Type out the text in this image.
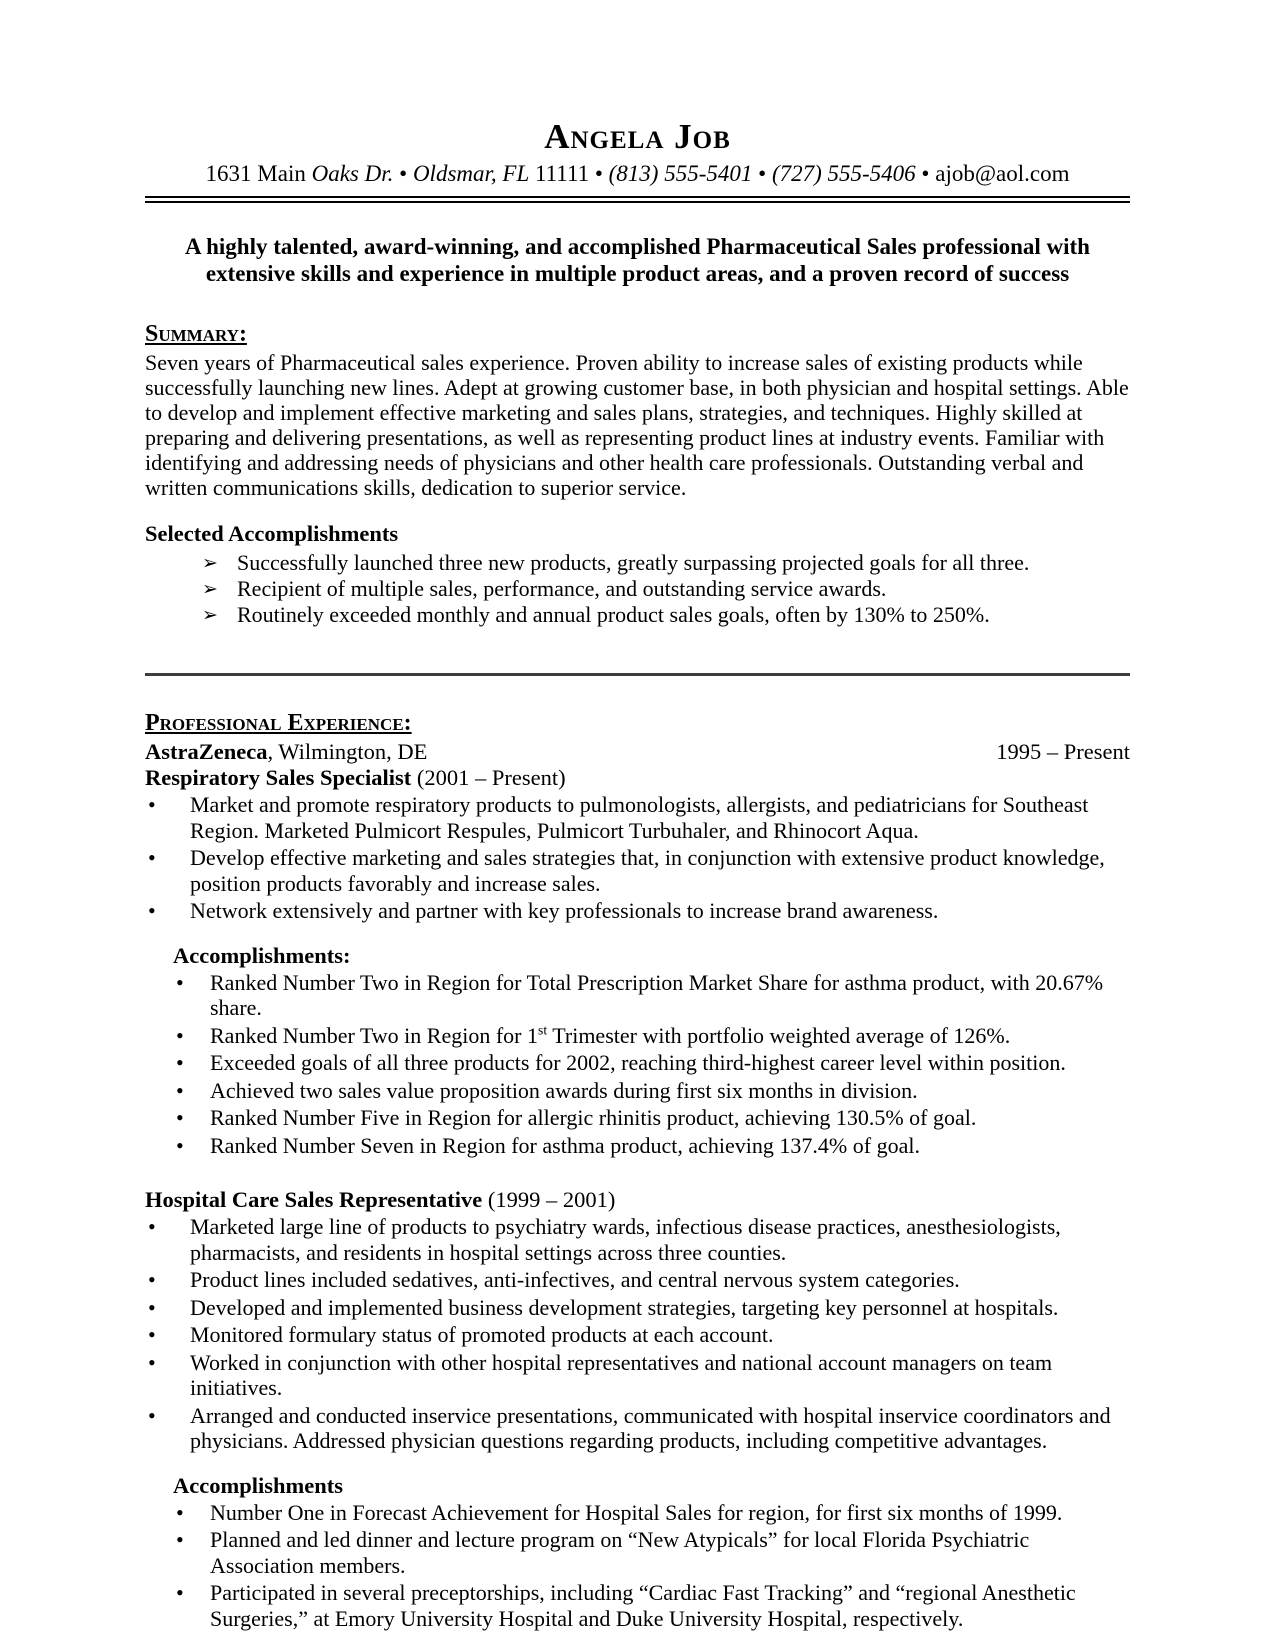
Angela Job

1631 Main Oaks Dr. • Oldsmar, FL 11111 • (813) 555-5401 • (727) 555-5406 • ajob@aol.com

A highly talented, award-winning, and accomplished Pharmaceutical Sales professional with extensive skills and experience in multiple product areas, and a proven record of success

Summary:

Seven years of Pharmaceutical sales experience. Proven ability to increase sales of existing products while successfully launching new lines. Adept at growing customer base, in both physician and hospital settings. Able to develop and implement effective marketing and sales plans, strategies, and techniques. Highly skilled at preparing and delivering presentations, as well as representing product lines at industry events. Familiar with identifying and addressing needs of physicians and other health care professionals. Outstanding verbal and written communications skills, dedication to superior service.

Selected Accomplishments
➢ Successfully launched three new products, greatly surpassing projected goals for all three.
➢ Recipient of multiple sales, performance, and outstanding service awards.
➢ Routinely exceeded monthly and annual product sales goals, often by 130% to 250%.
Professional Experience:
AstraZeneca, Wilmington, DE	1995 – Present
Respiratory Sales Specialist (2001 – Present)
• Market and promote respiratory products to pulmonologists, allergists, and pediatricians for Southeast Region. Marketed Pulmicort Respules, Pulmicort Turbuhaler, and Rhinocort Aqua.
• Develop effective marketing and sales strategies that, in conjunction with extensive product knowledge, position products favorably and increase sales.
• Network extensively and partner with key professionals to increase brand awareness.
Accomplishments:
• Ranked Number Two in Region for Total Prescription Market Share for asthma product, with 20.67% share.
• Ranked Number Two in Region for 1st Trimester with portfolio weighted average of 126%.
• Exceeded goals of all three products for 2002, reaching third-highest career level within position.
• Achieved two sales value proposition awards during first six months in division.
• Ranked Number Five in Region for allergic rhinitis product, achieving 130.5% of goal.
• Ranked Number Seven in Region for asthma product, achieving 137.4% of goal.
Hospital Care Sales Representative (1999 – 2001)
• Marketed large line of products to psychiatry wards, infectious disease practices, anesthesiologists, pharmacists, and residents in hospital settings across three counties.
• Product lines included sedatives, anti-infectives, and central nervous system categories.
• Developed and implemented business development strategies, targeting key personnel at hospitals.
• Monitored formulary status of promoted products at each account.
• Worked in conjunction with other hospital representatives and national account managers on team initiatives.
• Arranged and conducted inservice presentations, communicated with hospital inservice coordinators and physicians. Addressed physician questions regarding products, including competitive advantages.
Accomplishments
• Number One in Forecast Achievement for Hospital Sales for region, for first six months of 1999.
• Planned and led dinner and lecture program on “New Atypicals” for local Florida Psychiatric Association members.
• Participated in several preceptorships, including “Cardiac Fast Tracking” and “regional Anesthetic Surgeries,” at Emory University Hospital and Duke University Hospital, respectively.
